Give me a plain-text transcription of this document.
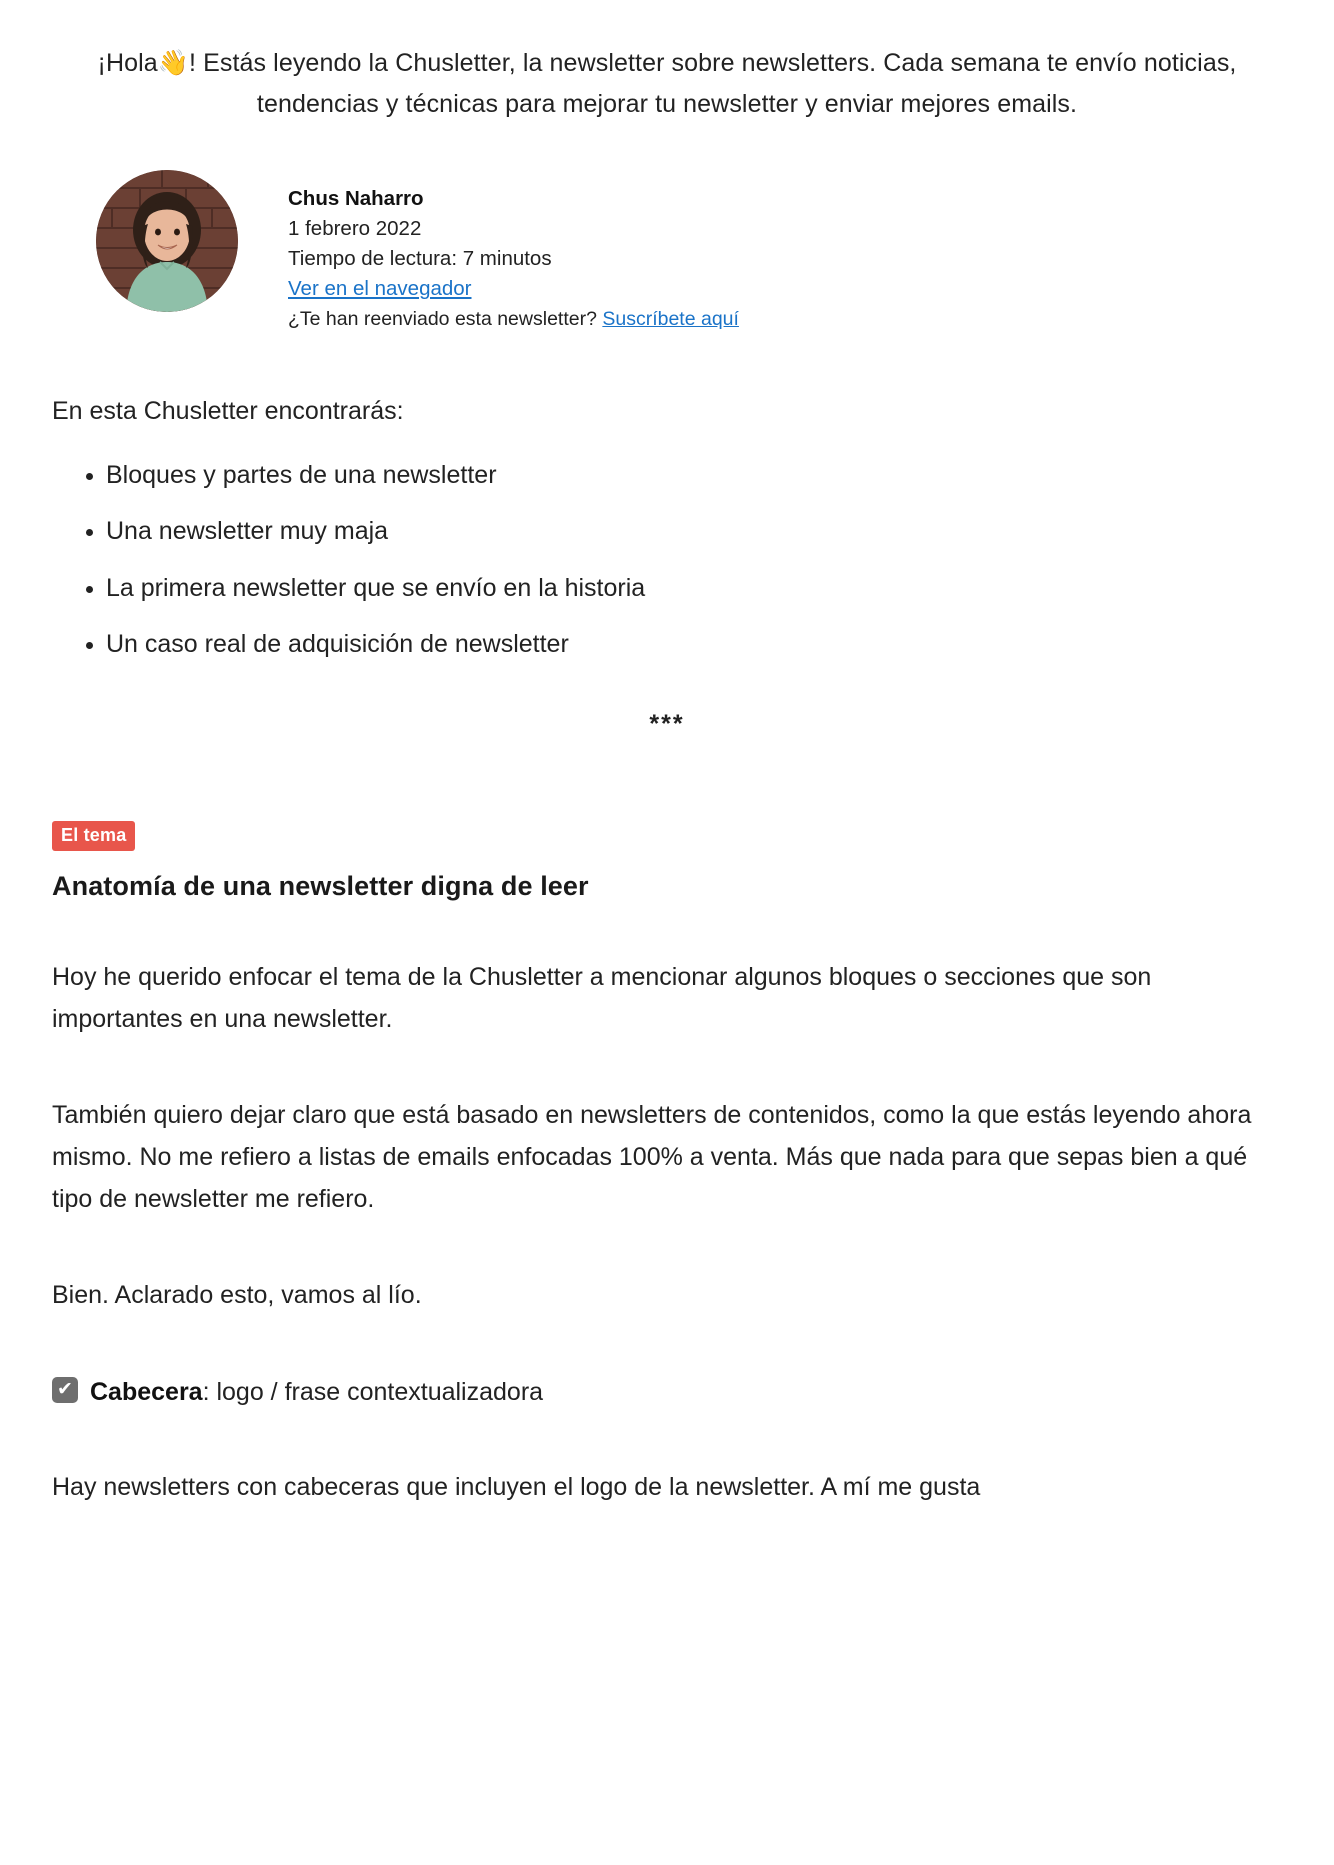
¡Hola👋! Estás leyendo la Chusletter, la newsletter sobre newsletters. Cada semana te envío noticias, tendencias y técnicas para mejorar tu newsletter y enviar mejores emails.

Chus Naharro
1 febrero 2022
Tiempo de lectura: 7 minutos
Ver en el navegador
¿Te han reenviado esta newsletter? Suscríbete aquí

En esta Chusletter encontrarás:

• Bloques y partes de una newsletter
• Una newsletter muy maja
• La primera newsletter que se envío en la historia
• Un caso real de adquisición de newsletter
***
El tema
Anatomía de una newsletter digna de leer

Hoy he querido enfocar el tema de la Chusletter a mencionar algunos bloques o secciones que son importantes en una newsletter.

También quiero dejar claro que está basado en newsletters de contenidos, como la que estás leyendo ahora mismo. No me refiero a listas de emails enfocadas 100% a venta. Más que nada para que sepas bien a qué tipo de newsletter me refiero.

Bien. Aclarado esto, vamos al lío.

✔ Cabecera: logo / frase contextualizadora

Hay newsletters con cabeceras que incluyen el logo de la newsletter. A mí me gusta
